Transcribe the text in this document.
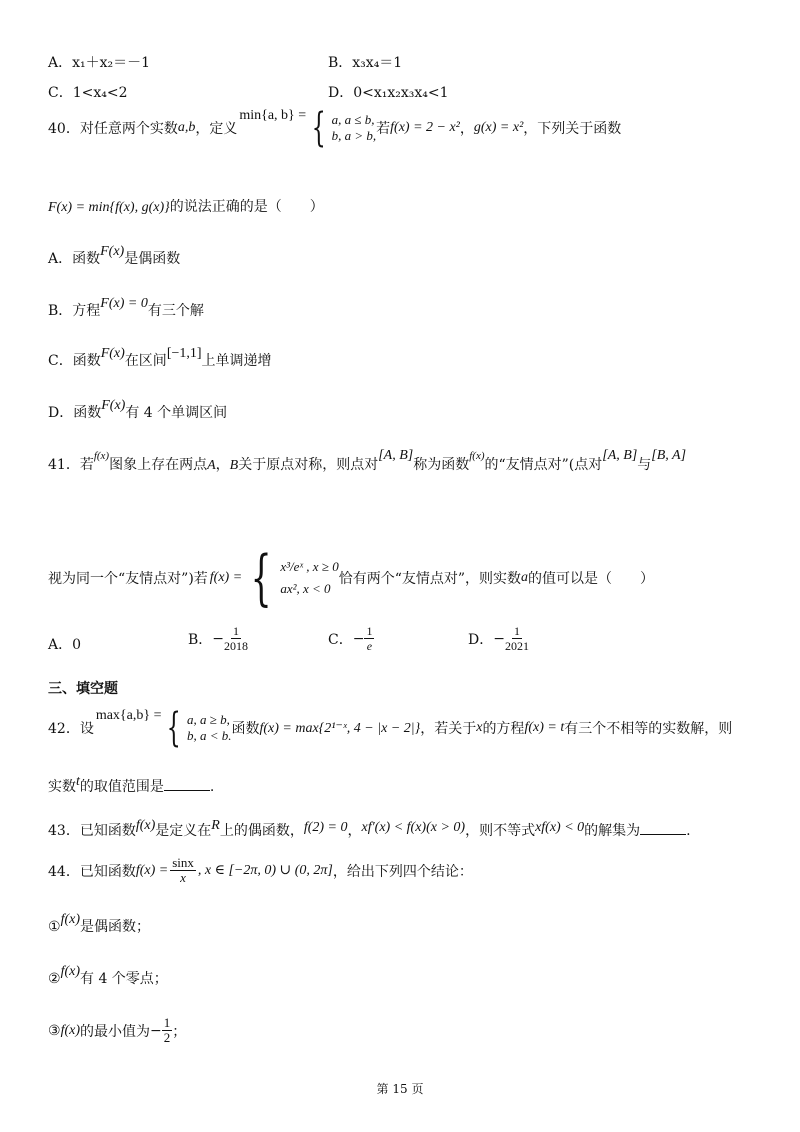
A．x₁＋x₂＝－1	B．x₃x₄＝1
C．1<x₄<2	D．0<x₁x₂x₃x₄<1
40．对任意两个实数 a,b ，定义
min{a, b} = { a, a ≤ b,
b, a > b, 若 f(x) = 2 − x² ， g(x) = x² ，下列关于函数
F(x) = min{f(x), g(x)}的说法正确的是（　　）
A．函数F(x)是偶函数
B．方程F(x) = 0有三个解
C．函数F(x)在区间[−1,1]上单调递增
D．函数F(x)有 4 个单调区间
41．若$^{f(x)}$图象上存在两点A，B关于原点对称，则点对[A, B]称为函数$^{f(x)}$的“友情点对”(点对[A, B]与[B, A]
视为同一个“友情点对”)若 f(x) = { x³/eˣ , x ≥ 0
ax², x < 0
恰有两个“友情点对”，则实数 a 的值可以是（　　）
A．0	B． − $\frac{1}{2018}$	C． − $\frac{1}{e}$	D． − $\frac{1}{2021}$
三、填空题
42．设
max{a,b} = { a, a ≥ b,
b, a < b. 函数 f(x) = max{2¹⁻ˣ, 4 − |x − 2|} ，若关于 x 的方程 f(x) = t 有三个不相等的实数解，则
实数t的取值范围是	.
43．已知函数f(x)是定义在R上的偶函数，f(2) = 0，xf′(x) < f(x)(x > 0)，则不等式xf(x) < 0的解集为	.
44．已知函数 $f(x) = \frac{\sin x}{x}$ , x ∈ [−2π, 0) ∪ (0, 2π] ，给出下列四个结论：
①f(x)是偶函数；
②f(x)有 4 个零点；
③ f(x) 的最小值为 − $\frac{1}{2}$ ；
第 15 页
